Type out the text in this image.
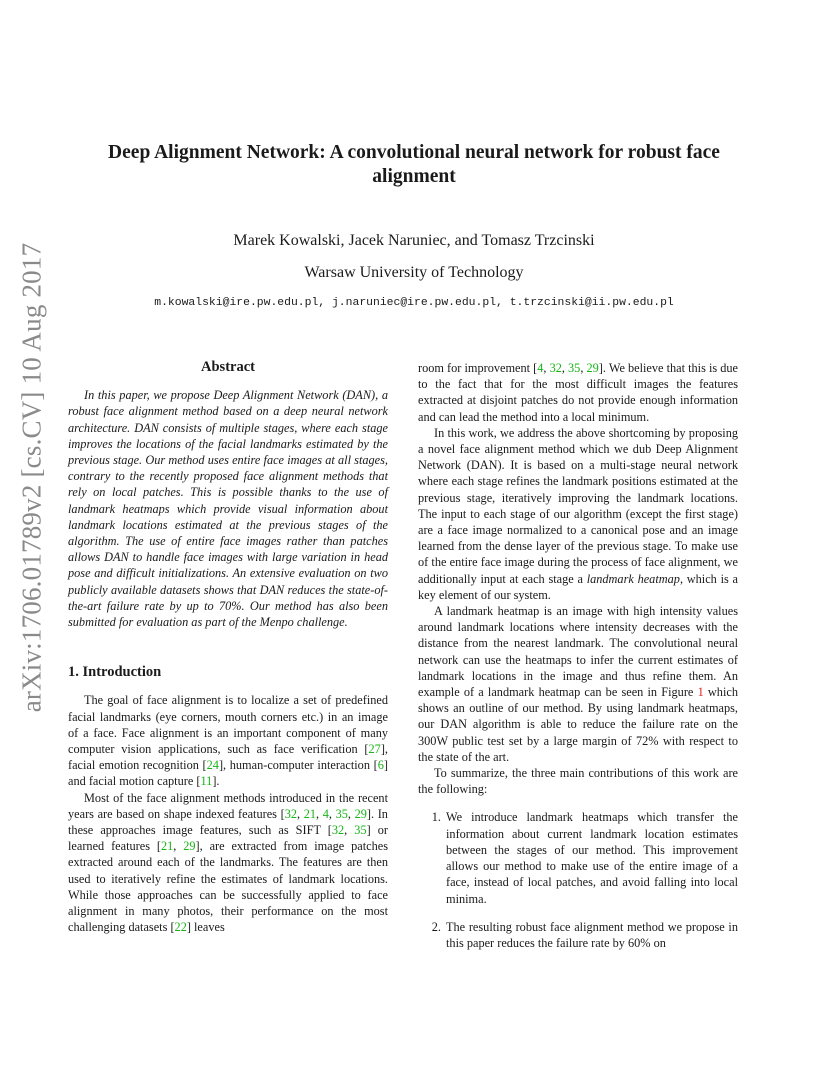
arXiv:1706.01789v2 [cs.CV] 10 Aug 2017
Deep Alignment Network: A convolutional neural network for robust face alignment
Marek Kowalski, Jacek Naruniec, and Tomasz Trzcinski
Warsaw University of Technology
m.kowalski@ire.pw.edu.pl, j.naruniec@ire.pw.edu.pl, t.trzcinski@ii.pw.edu.pl

Abstract

In this paper, we propose Deep Alignment Network (DAN), a robust face alignment method based on a deep neural network architecture. DAN consists of multiple stages, where each stage improves the locations of the facial landmarks estimated by the previous stage. Our method uses entire face images at all stages, contrary to the recently proposed face alignment methods that rely on local patches. This is possible thanks to the use of landmark heatmaps which provide visual information about landmark locations estimated at the previous stages of the algorithm. The use of entire face images rather than patches allows DAN to handle face images with large variation in head pose and difficult initializations. An extensive evaluation on two publicly available datasets shows that DAN reduces the state-of-the-art failure rate by up to 70%. Our method has also been submitted for evaluation as part of the Menpo challenge.

1. Introduction

The goal of face alignment is to localize a set of predefined facial landmarks (eye corners, mouth corners etc.) in an image of a face. Face alignment is an important component of many computer vision applications, such as face verification [27], facial emotion recognition [24], human-computer interaction [6] and facial motion capture [11].

Most of the face alignment methods introduced in the recent years are based on shape indexed features [32, 21, 4, 35, 29]. In these approaches image features, such as SIFT [32, 35] or learned features [21, 29], are extracted from image patches extracted around each of the landmarks. The features are then used to iteratively refine the estimates of landmark locations. While those approaches can be successfully applied to face alignment in many photos, their performance on the most challenging datasets [22] leaves

room for improvement [4, 32, 35, 29]. We believe that this is due to the fact that for the most difficult images the features extracted at disjoint patches do not provide enough information and can lead the method into a local minimum.

In this work, we address the above shortcoming by proposing a novel face alignment method which we dub Deep Alignment Network (DAN). It is based on a multi-stage neural network where each stage refines the landmark positions estimated at the previous stage, iteratively improving the landmark locations. The input to each stage of our algorithm (except the first stage) are a face image normalized to a canonical pose and an image learned from the dense layer of the previous stage. To make use of the entire face image during the process of face alignment, we additionally input at each stage a landmark heatmap, which is a key element of our system.

A landmark heatmap is an image with high intensity values around landmark locations where intensity decreases with the distance from the nearest landmark. The convolutional neural network can use the heatmaps to infer the current estimates of landmark locations in the image and thus refine them. An example of a landmark heatmap can be seen in Figure 1 which shows an outline of our method. By using landmark heatmaps, our DAN algorithm is able to reduce the failure rate on the 300W public test set by a large margin of 72% with respect to the state of the art.

To summarize, the three main contributions of this work are the following:

1. We introduce landmark heatmaps which transfer the information about current landmark location estimates between the stages of our method. This improvement allows our method to make use of the entire image of a face, instead of local patches, and avoid falling into local minima.
2. The resulting robust face alignment method we propose in this paper reduces the failure rate by 60% on
